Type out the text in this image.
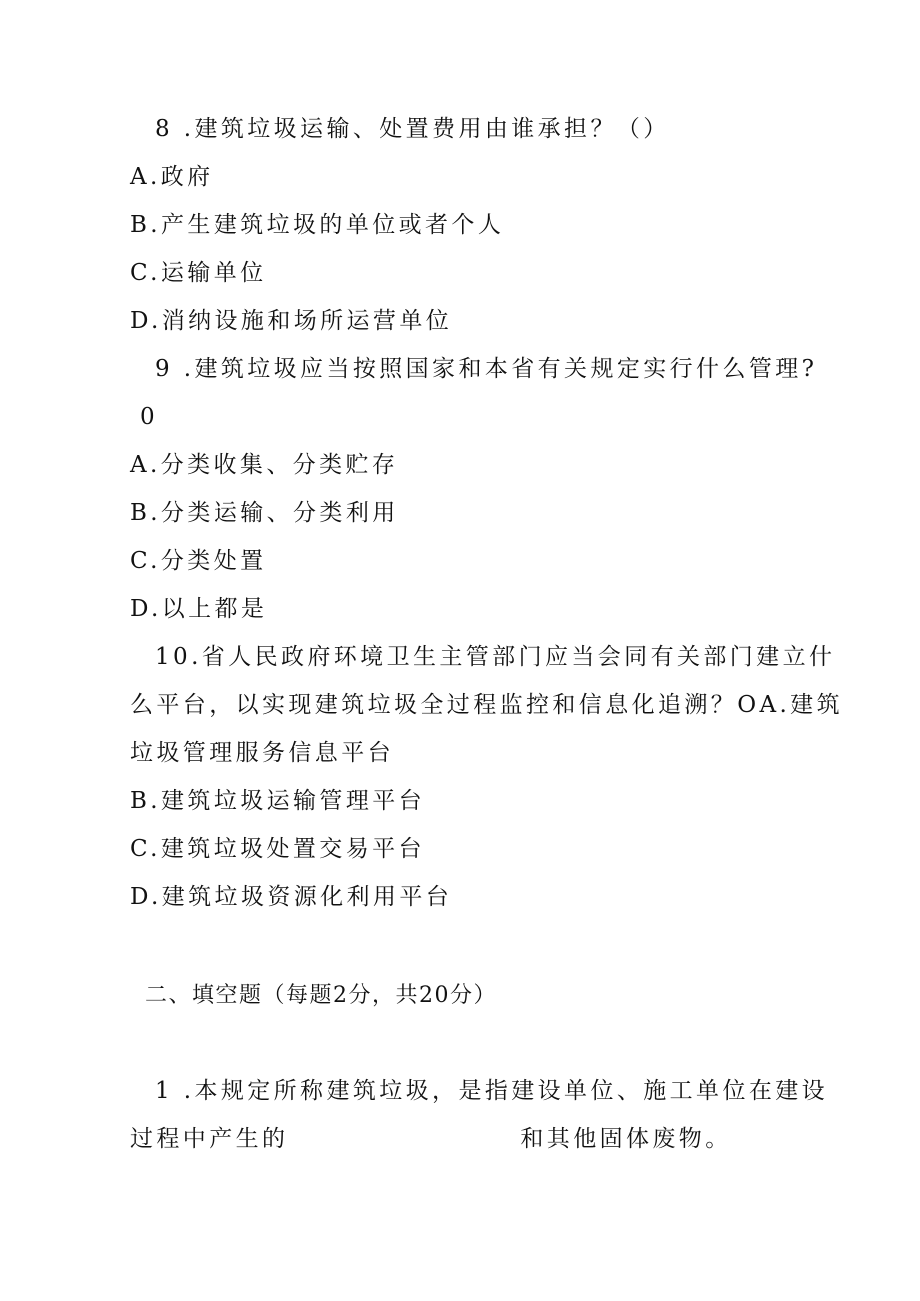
8 .建筑垃圾运输、处置费用由谁承担？（）
A.政府
B.产生建筑垃圾的单位或者个人
C.运输单位
D.消纳设施和场所运营单位
9 .建筑垃圾应当按照国家和本省有关规定实行什么管理?
0
A.分类收集、分类贮存
B.分类运输、分类利用
C.分类处置
D.以上都是
10.省人民政府环境卫生主管部门应当会同有关部门建立什
么平台，以实现建筑垃圾全过程监控和信息化追溯？OA.建筑
垃圾管理服务信息平台
B.建筑垃圾运输管理平台
C.建筑垃圾处置交易平台
D.建筑垃圾资源化利用平台
二、填空题（每题2分，共20分）
1 .本规定所称建筑垃圾，是指建设单位、施工单位在建设
过程中产生的	和其他固体废物。
